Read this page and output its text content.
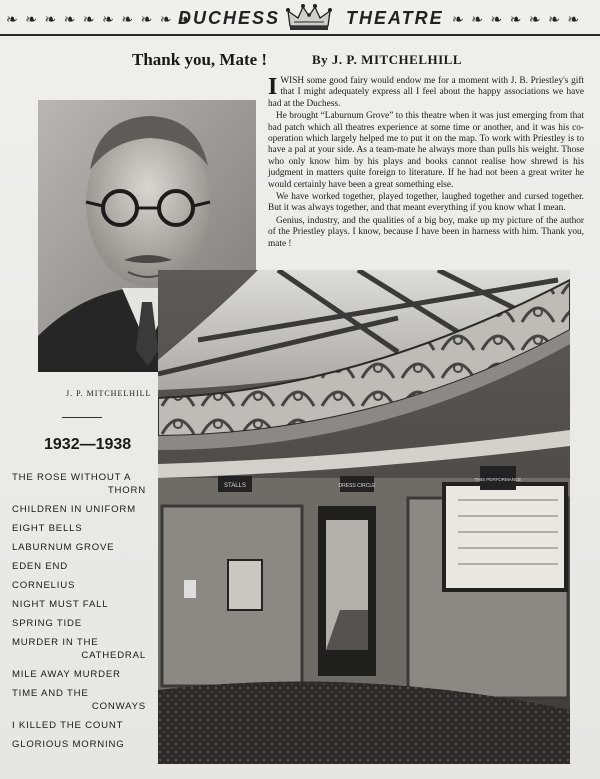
❧ ❧ ❧ ❧ ❧ ❧ ❧ ❧ ❧ ❧
DUCHESS	THEATRE ❧ ❧ ❧ ❧ ❧ ❧ ❧
Thank you, Mate !	By J. P. MITCHELHILL
J. P. MITCHELHILL

IWISH some good fairy would endow me for a moment with J. B. Priestley's gift that I might adequately express all I feel about the happy associations we have had at the Duchess.

He brought “Laburnum Grove” to this theatre when it was just emerging from that bad patch which all theatres experience at some time or another, and it was his co-operation which largely helped me to put it on the map. To work with Priestley is to have a pal at your side. As a team-mate he always more than pulls his weight. Those who only know him by his plays and books cannot realise how shrewd is his judgment in matters quite foreign to literature. If he had not been a great writer he would certainly have been a great something else.

We have worked together, played together, laughed together and cursed together. But it was always together, and that meant everything if you know what I mean.

Genius, industry, and the qualities of a big boy, make up my picture of the author of the Priestley plays. I know, because I have been in harness with him. Thank you, mate !

1932—1938
THE ROSE WITHOUT A
THORN
CHILDREN IN UNIFORM
EIGHT BELLS
LABURNUM GROVE
EDEN END
CORNELIUS
NIGHT MUST FALL
SPRING TIDE
MURDER IN THE
CATHEDRAL
MILE AWAY MURDER
TIME AND THE
CONWAYS
I KILLED THE COUNT
GLORIOUS MORNING
STALLS	DRESS CIRCLE
THIS PERFORMANCE
